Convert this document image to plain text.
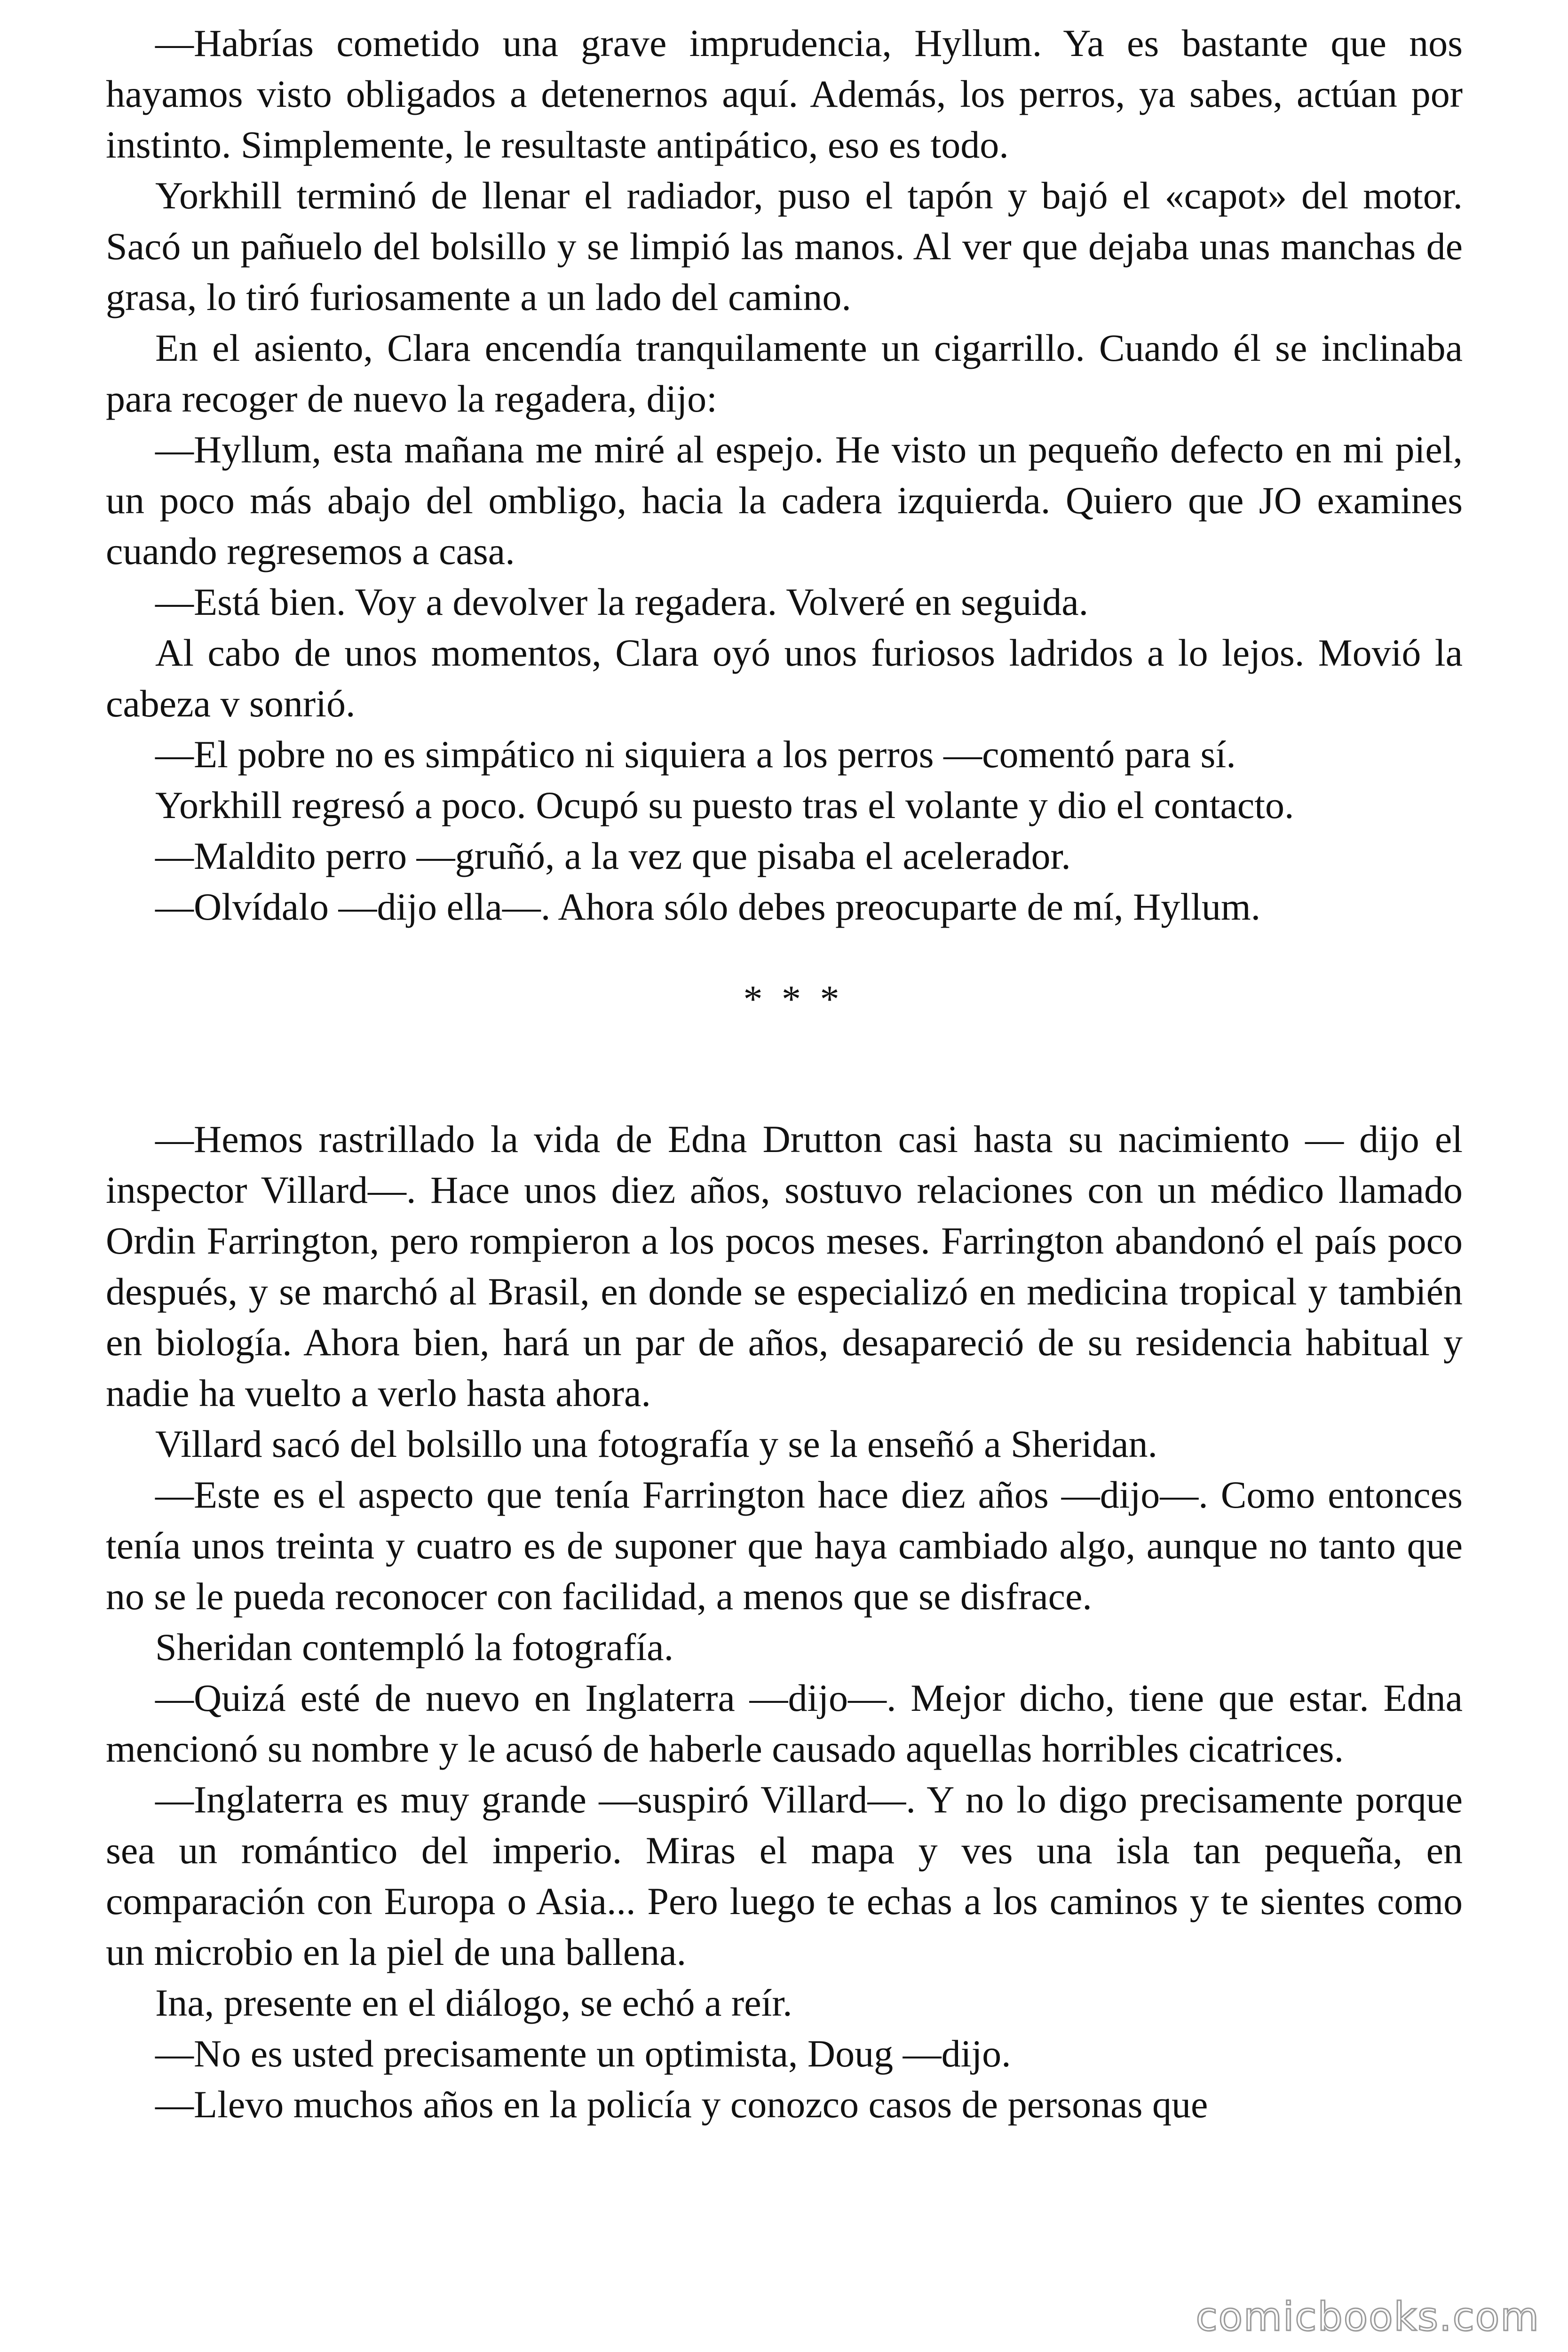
—Habrías cometido una grave imprudencia, Hyllum. Ya es bastante que nos hayamos visto obligados a detenernos aquí. Además, los perros, ya sabes, actúan por instinto. Simplemente, le resultaste antipático, eso es todo.

Yorkhill terminó de llenar el radiador, puso el tapón y bajó el «capot» del motor. Sacó un pañuelo del bolsillo y se limpió las manos. Al ver que dejaba unas manchas de grasa, lo tiró furiosamente a un lado del camino.

En el asiento, Clara encendía tranquilamente un cigarrillo. Cuando él se inclinaba para recoger de nuevo la regadera, dijo:

—Hyllum, esta mañana me miré al espejo. He visto un pequeño defecto en mi piel, un poco más abajo del ombligo, hacia la cadera izquierda. Quiero que JO examines cuando regresemos a casa.

—Está bien. Voy a devolver la regadera. Volveré en seguida.

Al cabo de unos momentos, Clara oyó unos furiosos ladridos a lo lejos. Movió la cabeza v sonrió.

—El pobre no es simpático ni siquiera a los perros —comentó para sí.

Yorkhill regresó a poco. Ocupó su puesto tras el volante y dio el contacto.

—Maldito perro —gruñó, a la vez que pisaba el acelerador.

—Olvídalo —dijo ella—. Ahora sólo debes preocuparte de mí, Hyllum.

* * *

—Hemos rastrillado la vida de Edna Drutton casi hasta su nacimiento — dijo el inspector Villard—. Hace unos diez años, sostuvo relaciones con un médico llamado Ordin Farrington, pero rompieron a los pocos meses. Farrington abandonó el país poco después, y se marchó al Brasil, en donde se especializó en medicina tropical y también en biología. Ahora bien, hará un par de años, desapareció de su residencia habitual y nadie ha vuelto a verlo hasta ahora.

Villard sacó del bolsillo una fotografía y se la enseñó a Sheridan.

—Este es el aspecto que tenía Farrington hace diez años —dijo—. Como entonces tenía unos treinta y cuatro es de suponer que haya cambiado algo, aunque no tanto que no se le pueda reconocer con facilidad, a menos que se disfrace.

Sheridan contempló la fotografía.

—Quizá esté de nuevo en Inglaterra —dijo—. Mejor dicho, tiene que estar. Edna mencionó su nombre y le acusó de haberle causado aquellas horribles cicatrices.

—Inglaterra es muy grande —suspiró Villard—. Y no lo digo precisamente porque sea un romántico del imperio. Miras el mapa y ves una isla tan pequeña, en comparación con Europa o Asia... Pero luego te echas a los caminos y te sientes como un microbio en la piel de una ballena.

Ina, presente en el diálogo, se echó a reír.

—No es usted precisamente un optimista, Doug —dijo.

—Llevo muchos años en la policía y conozco casos de personas que

comicbooks.com
